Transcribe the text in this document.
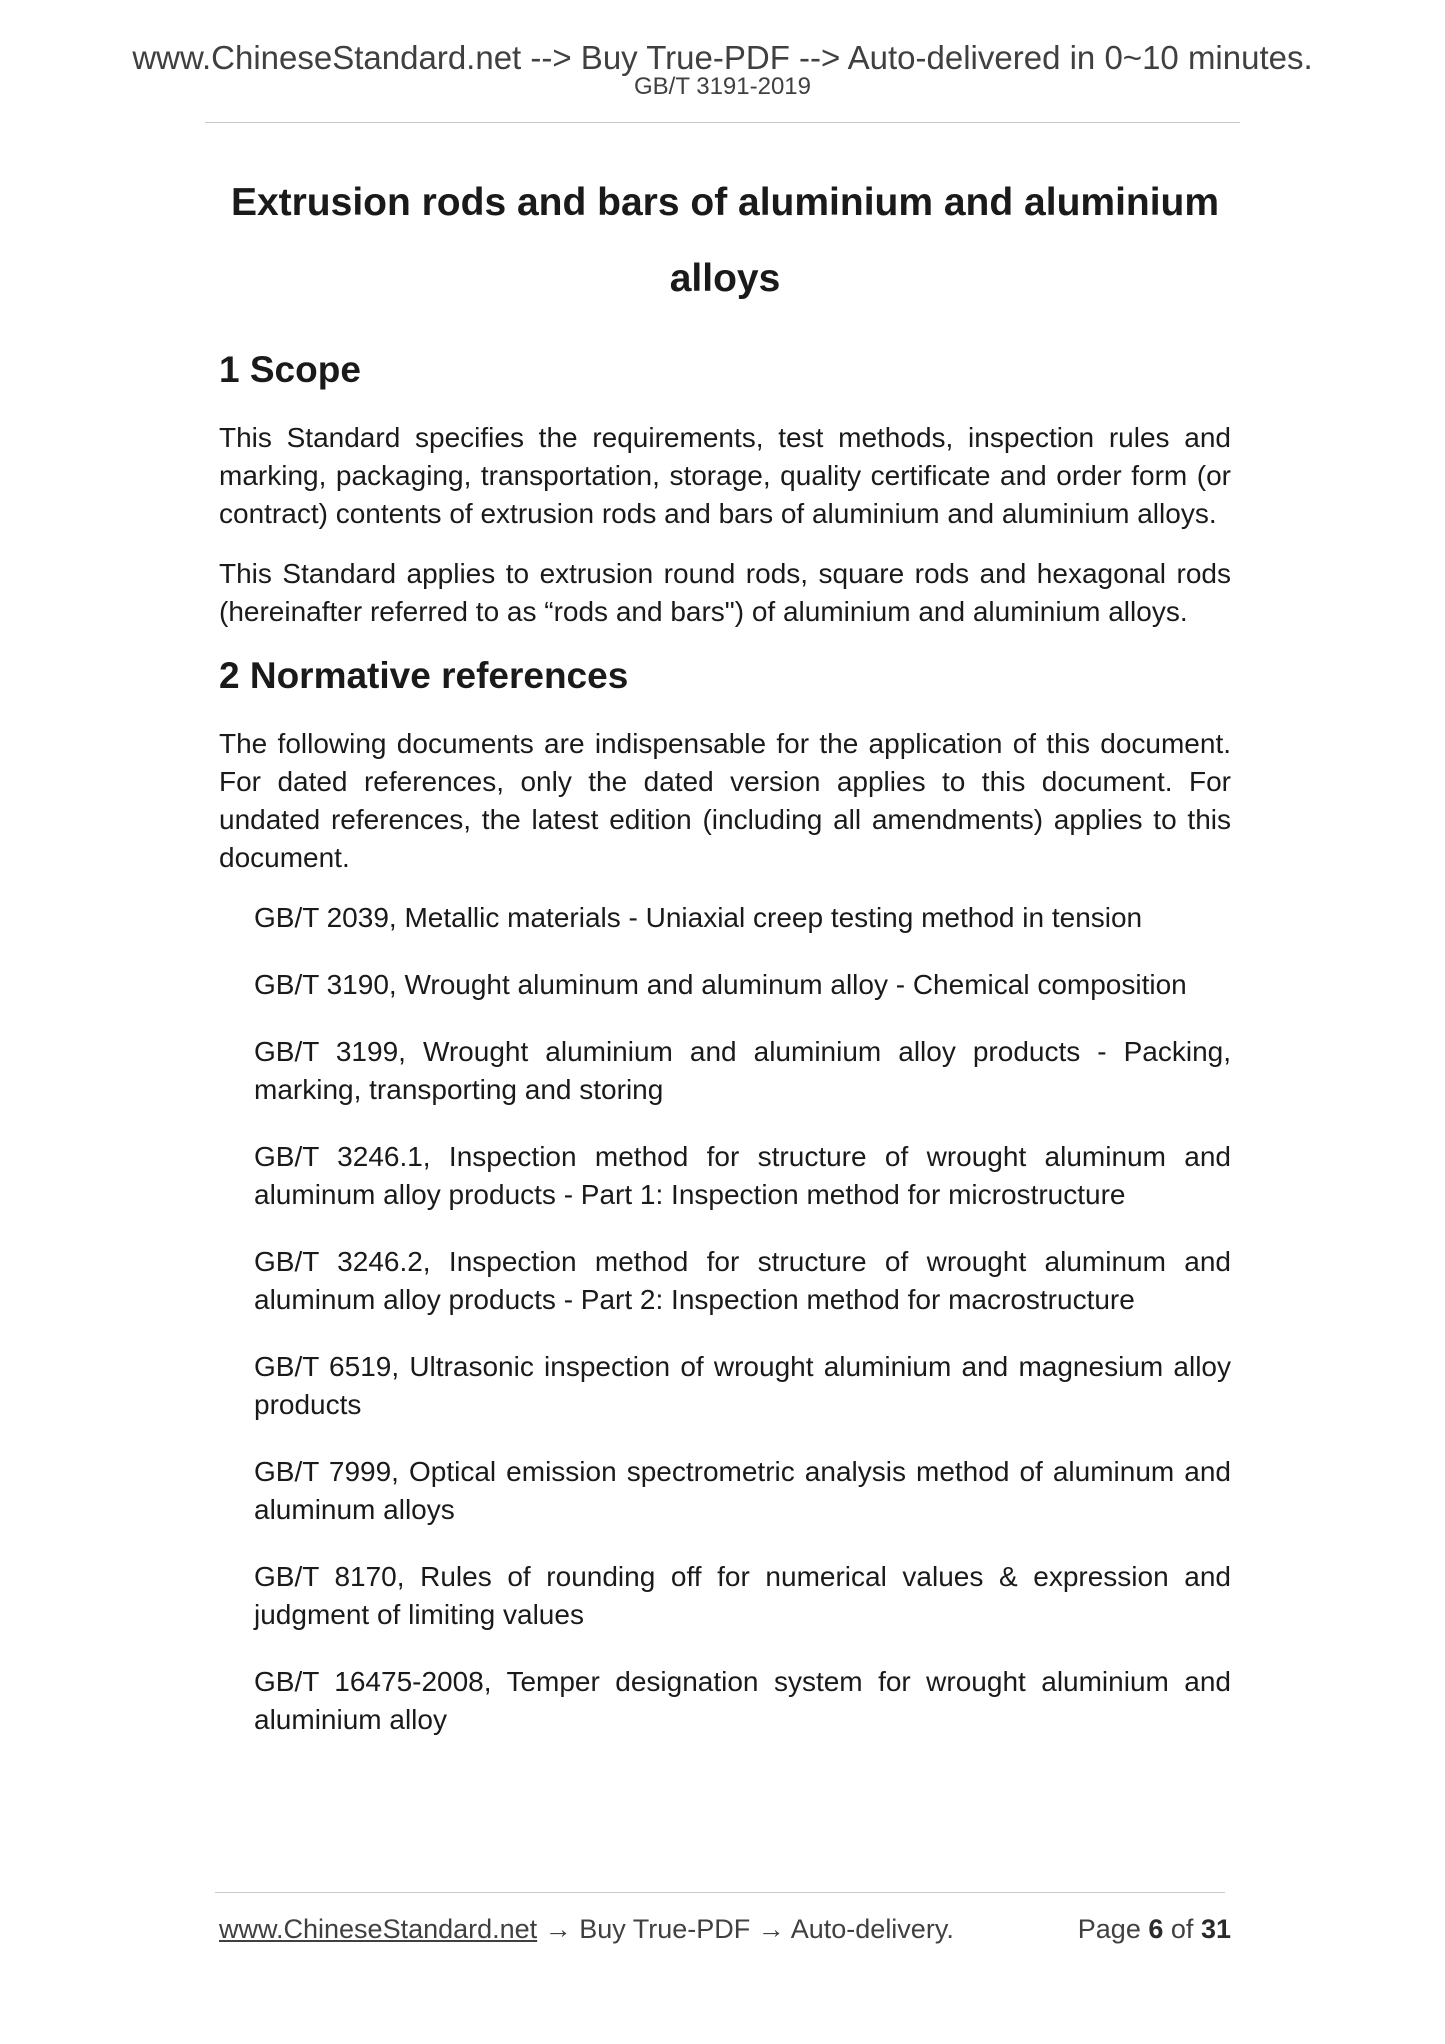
www.ChineseStandard.net --> Buy True-PDF --> Auto-delivered in 0~10 minutes.
GB/T 3191-2019
Extrusion rods and bars of aluminium and aluminium
alloys
1 Scope

This Standard specifies the requirements, test methods, inspection rules and marking, packaging, transportation, storage, quality certificate and order form (or contract) contents of extrusion rods and bars of aluminium and aluminium alloys.

This Standard applies to extrusion round rods, square rods and hexagonal rods (hereinafter referred to as “rods and bars") of aluminium and aluminium alloys.

2 Normative references

The following documents are indispensable for the application of this document. For dated references, only the dated version applies to this document. For undated references, the latest edition (including all amendments) applies to this document.

GB/T 2039, Metallic materials - Uniaxial creep testing method in tension
GB/T 3190, Wrought aluminum and aluminum alloy - Chemical composition
GB/T 3199, Wrought aluminium and aluminium alloy products - Packing, marking, transporting and storing
GB/T 3246.1, Inspection method for structure of wrought aluminum and aluminum alloy products - Part 1: Inspection method for microstructure
GB/T 3246.2, Inspection method for structure of wrought aluminum and aluminum alloy products - Part 2: Inspection method for macrostructure
GB/T 6519, Ultrasonic inspection of wrought aluminium and magnesium alloy products
GB/T 7999, Optical emission spectrometric analysis method of aluminum and aluminum alloys
GB/T 8170, Rules of rounding off for numerical values & expression and judgment of limiting values
GB/T 16475-2008, Temper designation system for wrought aluminium and aluminium alloy
www.ChineseStandard.net → Buy True-PDF → Auto-delivery.	Page 6 of 31
